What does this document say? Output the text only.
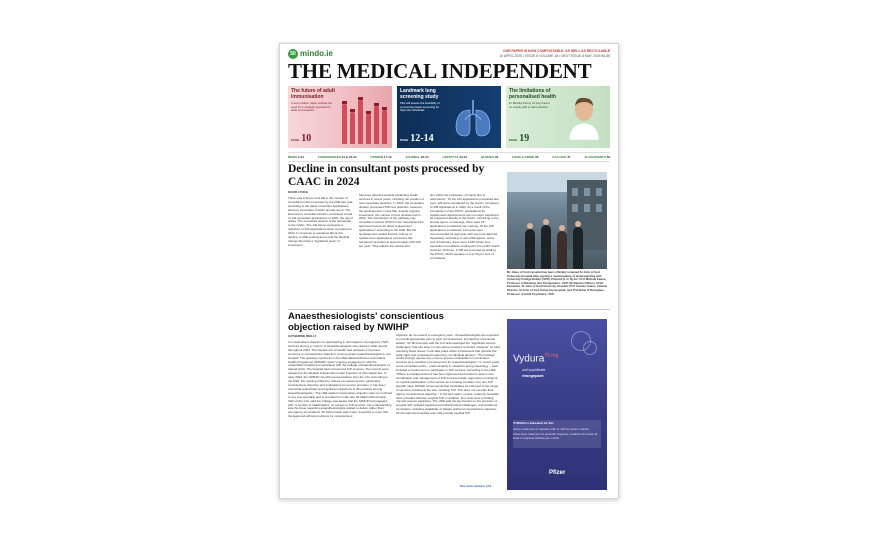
50 mindo.ie	OUR PAPER IS NOW COMPOSTABLE, AS WELL AS RECYCLABLE
10 APRIL 2025 • ISSUE 8 VOLUME 18 • NEXT ISSUE 8 MAY 2025 €5.85
THE MEDICAL INDEPENDENT
The future of adult immunisation
A new position paper outlines the need for a strategic approach to adult immunisation
PAGE 10
Landmark lung screening study
Pilot will assess the feasibility of community-based screening for high-risk individuals
PAGE 12-14
The limitations of personalised health
Dr Michael Kenny on why there's no simple path to risk-reduction
PAGE 19
NEWS 2-34	CONFERENCES 24 & 26-32	OPINION 17-19	JOURNAL 20-23	LIFESTYLE 33-34	QUIZZES 36	FOOD & DRINK 36	GALLERY 37	FLASHPOINTS 38
Decline in consultant posts processed by CAAC in 2024
DAVID LYNCH
There was a 34 per cent fall in the number of consultant posts processed by the HSE last year, according to the latest consultant applications advisory committee (CAAC) annual report. The Executive's consultant division processed a total of 142 consultant applications in 2024, the report states. The consultant division is the secretariat to the CAAC. The 142 figure represents a reduction of 216 applications when compared to 2023. In response to questions about this decline, a HSE spokesperson told the Medical Independent that a "significant level" of investment
has been directed towards expanding health services in recent years, including the creation of new consultant positions. In 2023, the consultant division processed 358 new positions. However, the spokesperson noted that, despite ongoing investment, the number of new positions fell in 2024. The introduction of the pathway-only consultant contract (POCC) has "streamlined the approval process for direct replacement applications" according to the HSE. But the spokesperson added that the volume of replacement applications processed has remained consistent at approximately 100-130 per year. "This reflects the natural attri-
tion within the profession, primarily due to retirements." Of the 142 applications processed last year, 126 were considered by the CAAC, compared to 338 applications in 2023. As a result of the introduction of the POCC, applications for replacement appointments are no longer required to be presented directly to the CAAC. According to the annual report, on average, there were 25 applications considered per meeting. Of the 126 applications considered, 114 posts were recommended for approval, with one post deferred. Separately, according to new HSE figures, at the end of February, there were 3,650 whole-time equivalent consultants employed in the public health services. Of these, 2,605 are recorded as holding the POCC, which equates to over 63 per cent of consultants.
Mr Jukes of Cork Hospital has been officially renamed St John of God University Hospital after signing a memorandum of understanding with University College Dublin (UCD). Pictured (L to R) are: Prof Michael Keane, Professor of Medicine and Therapeutics, UCD; Mr Damien O'Brien, Chief Executive, St John of God University Hospital; Prof Anselm Yeates, Clinical Director, St John of God University Hospital; and Prof Brian O'Donoghue, Professor of Adult Psychiatry, UCD.
Anaesthesiologists' conscientious objection raised by NWIHP
CATHERINE REILLY
A conscientious objection to participating in terminations of pregnancy (ToP) services among a "cohort" of anaesthesiologists was raised in HSE reports throughout 2024. The Department of Health was advised of "reported concerns re conscientious objection" among certain anaesthesiologists in one hospital. The quarterly reports from the HSE National Women and Infants Health Programme (NWIHP) noted "ongoing engagement" with the unidentified hospital and separately with the College of Anaesthesiologists of Ireland (CAI). The hospital had commenced ToP services. The records were released to the Medical Independent under Freedom of Information law. In early 2024, the NWIHP met with representatives from the CAI. According to the HSE, the meeting related to "issues of mutual concern particularly conscientious objection and implications for service provision. It has been noted that anaesthetic and significant objections to this practice among anaesthesiologists." The HSE added conscientious objection was not confined to any one speciality and is provided for under law. Mr Martin McCormack, CEO of the CAI, said the College was aware that the NWIHP had engaged with "a number of stakeholders" on access to ToP services. His understanding was the issue regarding anaesthesiologists related to deliver rather than emergency terminations. Mr McCormack said it was "important to note" that the legal and ethical provisions for conscientious
objection do not extend to emergency care. "Anaesthesiologists are expected to provide appropriate care in such circumstances, irrespective of personal beliefs." Mr McCormack said the CAI acknowledged the "significant service challenges" that can arise in units where provision is limited. However, he said resolving these issues "must take place within a framework that upholds the legal rights and professional autonomy of individual doctors." "The College would strongly oppose any move to impose participation in termination services as a condition of employment for anaesthesiologists." In recent years some consultant posts – predominantly in obstetrics and gynaecology – have included a requirement to participate in ToP services. According to the HSE: "Where a post/appointment has been approved and funded to lead on the coordination and management of ToP services locally, approval is contingent on explicit participation in the service as a funding condition. For non-ToP specific roles, NWIHP recommends that candidates be informed of the scope of services provided at the site, including ToP. This does not override their right to conscientious objection." In the last nation, review, maternity hospitals have provided effective surgical ToP. In addition, four units were providing manual vacuum aspiration. The HSE said the key barriers to the provision of surgical ToP included logistical and infrastructural challenges, and workforce constraints, including availability of theatre staff and conscientious objection. All 19 maternity hospitals and units provide medical ToP.
See news feature, p14
Vydura$^{75 mg}$
oral lyophilisate
rimegepant
VYDURA is indicated for the:
Acute treatment of migraine with or without aura in adults;
Preventive treatment of episodic migraine in adults who have at least 4 migraine attacks per month.
Pfizer
